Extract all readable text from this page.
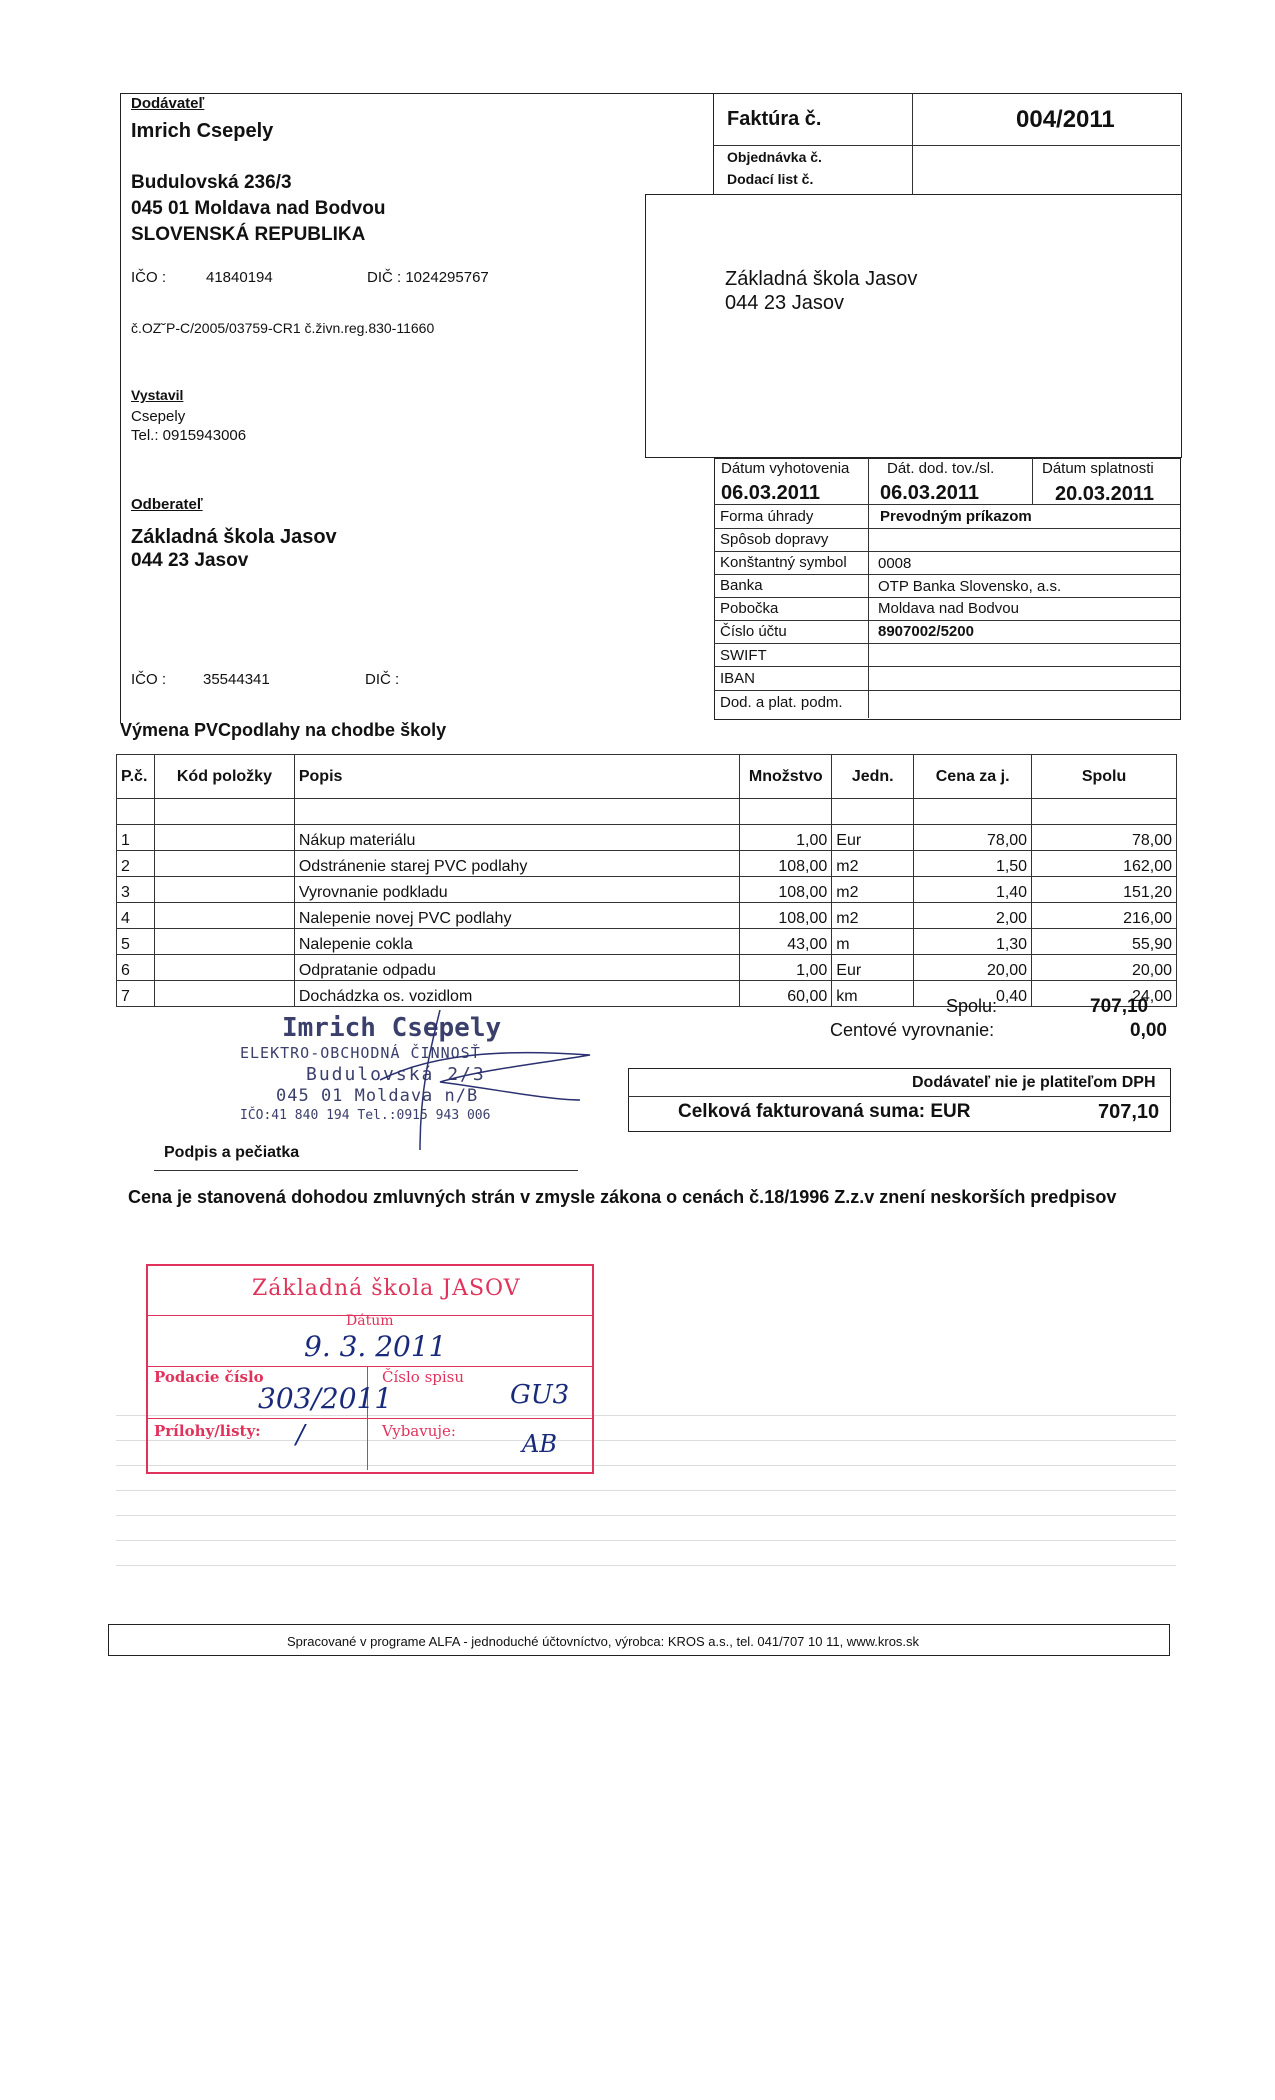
Dodávateľ
Imrich Csepely
Budulovská 236/3
045 01 Moldava nad Bodvou
SLOVENSKÁ REPUBLIKA
IČO :	41840194	DIČ : 1024295767
č.OZ˘P-C/2005/03759-CR1 č.živn.reg.830-11660
Vystavil
Csepely
Tel.: 0915943006
Odberateľ
Základná škola Jasov
044 23 Jasov
IČO : 35544341	DIČ :
Faktúra č.	004/2011
Objednávka č.
Dodací list č.
Základná škola Jasov
044 23 Jasov
Dátum vyhotovenia
06.03.2011
Dát. dod. tov./sl.
06.03.2011
Dátum splatnosti
20.03.2011
Forma úhrady	Prevodným príkazom
Spôsob dopravy
Konštantný symbol 0008
Banka	OTP Banka Slovensko, a.s.
Pobočka	Moldava nad Bodvou
Číslo účtu	8907002/5200
SWIFT
IBAN
Dod. a plat. podm.
Výmena PVCpodlahy na chodbe školy
P.č.	Kód položky	Popis	Množstvo	Jedn.	Cena za j.	Spolu

1		Nákup materiálu	1,00	Eur	78,00	78,00
2		Odstránenie starej PVC podlahy	108,00	m2	1,50	162,00
3		Vyrovnanie podkladu	108,00	m2	1,40	151,20
4		Nalepenie novej PVC podlahy	108,00	m2	2,00	216,00
5		Nalepenie cokla	43,00	m	1,30	55,90
6		Odpratanie odpadu	1,00	Eur	20,00	20,00
7		Dochádzka os. vozidlom	60,00	km	0,40	24,00
Spolu:	707,10
Centové vyrovnanie:	0,00
Dodávateľ nie je platiteľom DPH
Celková fakturovaná suma: EUR	707,10
Imrich Csepely
ELEKTRO-OBCHODNÁ ČINNOSŤ
Budulovská 2/3
045 01 Moldava n/B
IČO:41 840 194 Tel.:0915 943 006
Podpis a pečiatka
Cena je stanovená dohodou zmluvných strán v zmysle zákona o cenách č.18/1996 Z.z.v znení neskorších predpisov
Základná škola JASOV
Dátum
9. 3. 2011
Podacie číslo
303/2011
Číslo spisu
GU3
Prílohy/listy: /	Vybavuje:	AB
Spracované v programe ALFA - jednoduché účtovníctvo, výrobca: KROS a.s., tel. 041/707 10 11, www.kros.sk
